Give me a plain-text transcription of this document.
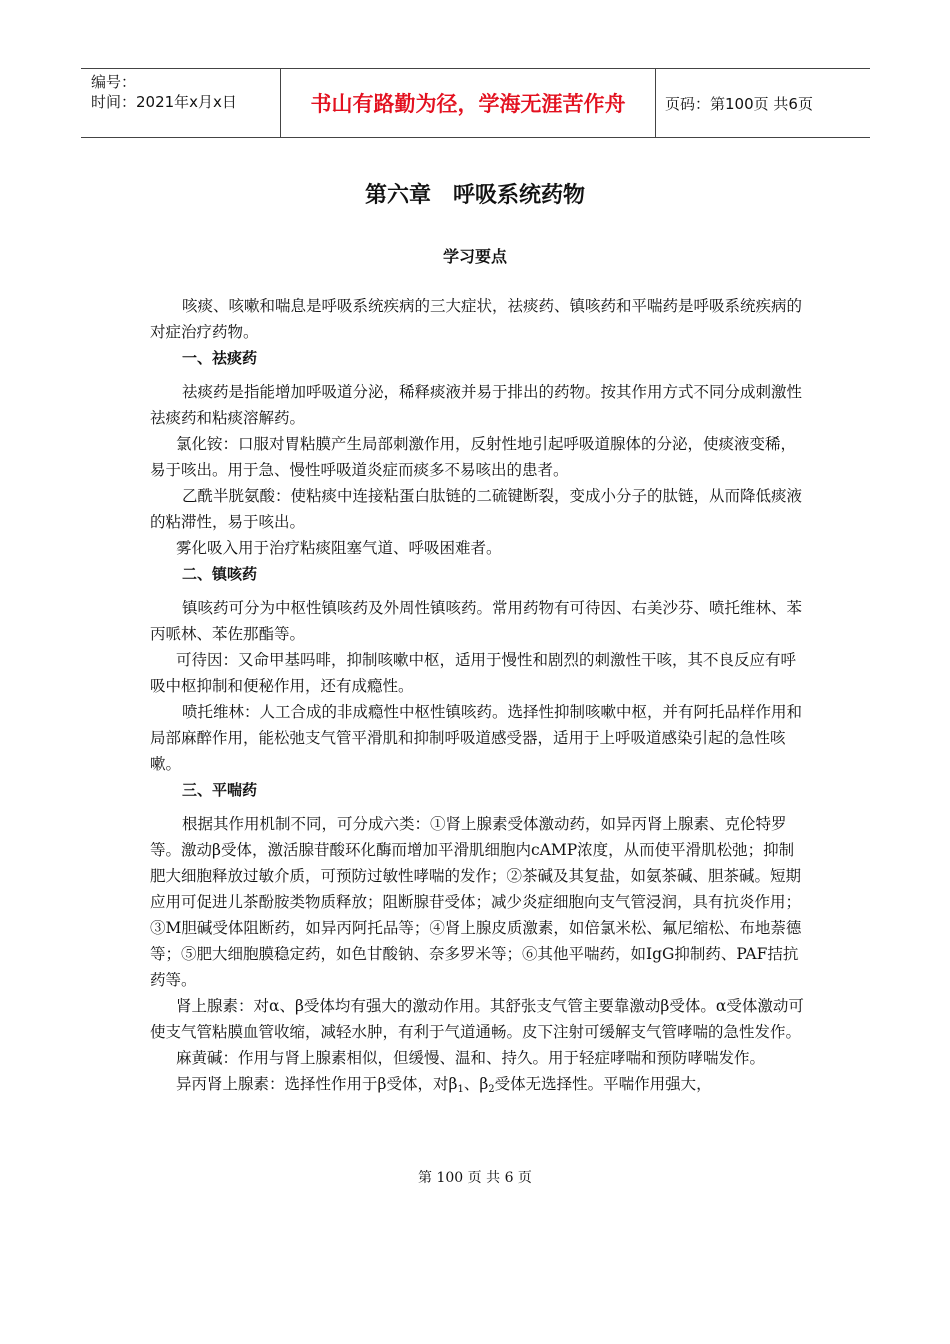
编号：
时间：2021年x月x日	书山有路勤为径，学海无涯苦作舟	页码：第100页 共6页
第六章　呼吸系统药物
学习要点

咳痰、咳嗽和喘息是呼吸系统疾病的三大症状，祛痰药、镇咳药和平喘药是呼吸系统疾病的对症治疗药物。

一、祛痰药

祛痰药是指能增加呼吸道分泌，稀释痰液并易于排出的药物。按其作用方式不同分成刺激性祛痰药和粘痰溶解药。

氯化铵：口服对胃粘膜产生局部刺激作用，反射性地引起呼吸道腺体的分泌，使痰液变稀，易于咳出。用于急、慢性呼吸道炎症而痰多不易咳出的患者。

乙酰半胱氨酸：使粘痰中连接粘蛋白肽链的二硫键断裂，变成小分子的肽链，从而降低痰液的粘滞性，易于咳出。

雾化吸入用于治疗粘痰阻塞气道、呼吸困难者。

二、镇咳药

镇咳药可分为中枢性镇咳药及外周性镇咳药。常用药物有可待因、右美沙芬、喷托维林、苯丙哌林、苯佐那酯等。

可待因：又命甲基吗啡，抑制咳嗽中枢，适用于慢性和剧烈的刺激性干咳，其不良反应有呼吸中枢抑制和便秘作用，还有成瘾性。

喷托维林：人工合成的非成瘾性中枢性镇咳药。选择性抑制咳嗽中枢，并有阿托品样作用和局部麻醉作用，能松弛支气管平滑肌和抑制呼吸道感受器，适用于上呼吸道感染引起的急性咳嗽。

三、平喘药

根据其作用机制不同，可分成六类：①肾上腺素受体激动药，如异丙肾上腺素、克伦特罗等。激动β受体，激活腺苷酸环化酶而增加平滑肌细胞内cAMP浓度，从而使平滑肌松弛；抑制肥大细胞释放过敏介质，可预防过敏性哮喘的发作；②茶碱及其复盐，如氨茶碱、胆茶碱。短期应用可促进儿茶酚胺类物质释放；阻断腺苷受体；减少炎症细胞向支气管浸润，具有抗炎作用；③M胆碱受体阻断药，如异丙阿托品等；④肾上腺皮质激素，如倍氯米松、氟尼缩松、布地萘德等；⑤肥大细胞膜稳定药，如色甘酸钠、奈多罗米等；⑥其他平喘药，如IgG抑制药、PAF拮抗药等。

肾上腺素：对α、β受体均有强大的激动作用。其舒张支气管主要靠激动β受体。α受体激动可使支气管粘膜血管收缩，减轻水肿，有利于气道通畅。皮下注射可缓解支气管哮喘的急性发作。

麻黄碱：作用与肾上腺素相似，但缓慢、温和、持久。用于轻症哮喘和预防哮喘发作。

异丙肾上腺素：选择性作用于β受体，对$\beta_1$、$\beta_2$受体无选择性。平喘作用强大，

第 100 页 共 6 页
